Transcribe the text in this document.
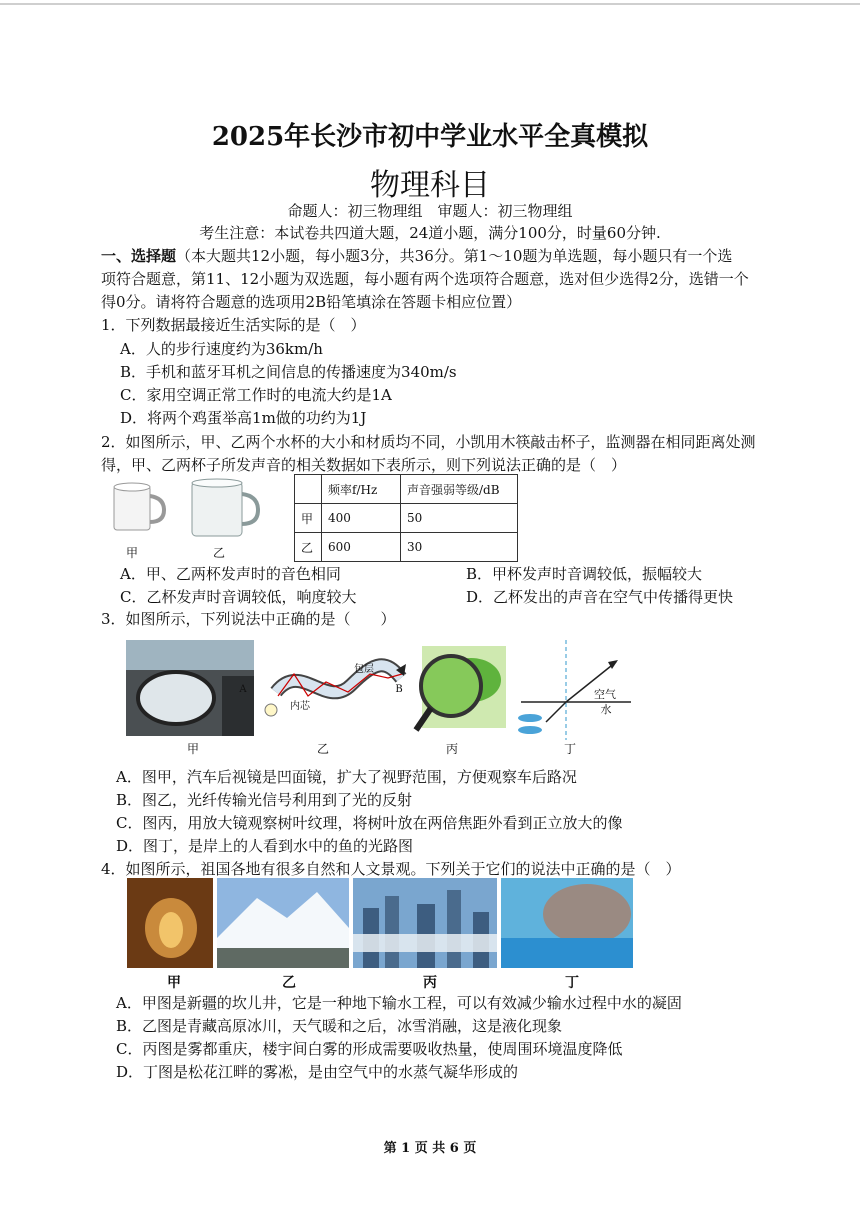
2025年长沙市初中学业水平全真模拟
物理科目
命题人：初三物理组　审题人：初三物理组
考生注意：本试卷共四道大题，24道小题，满分100分，时量60分钟.
一、选择题（本大题共12小题，每小题3分，共36分。第1～10题为单选题，每小题只有一个选
项符合题意，第11、12小题为双选题，每小题有两个选项符合题意，选对但少选得2分，选错一个
得0分。请将符合题意的选项用2B铅笔填涂在答题卡相应位置）
1．下列数据最接近生活实际的是（　）
A．人的步行速度约为36km/h
B．手机和蓝牙耳机之间信息的传播速度为340m/s
C．家用空调正常工作时的电流大约是1A
D．将两个鸡蛋举高1m做的功约为1J
2．如图所示，甲、乙两个水杯的大小和材质均不同，小凯用木筷敲击杯子，监测器在相同距离处测
得，甲、乙两杯子所发声音的相关数据如下表所示，则下列说法正确的是（　）
甲	乙
	频率f/Hz	声音强弱等级/dB
甲	400	50
乙	600	30
A．甲、乙两杯发声时的音色相同	B．甲杯发声时音调较低，振幅较大
C．乙杯发声时音调较低，响度较大	D．乙杯发出的声音在空气中传播得更快
3．如图所示，下列说法中正确的是（　　）
A	B
包层
内芯
空气
水
甲	乙	丙	丁
A．图甲，汽车后视镜是凹面镜，扩大了视野范围，方便观察车后路况
B．图乙，光纤传输光信号利用到了光的反射
C．图丙，用放大镜观察树叶纹理，将树叶放在两倍焦距外看到正立放大的像
D．图丁，是岸上的人看到水中的鱼的光路图
4．如图所示，祖国各地有很多自然和人文景观。下列关于它们的说法中正确的是（　）
甲	乙	丙	丁
A．甲图是新疆的坎儿井，它是一种地下输水工程，可以有效减少输水过程中水的凝固
B．乙图是青藏高原冰川，天气暖和之后，冰雪消融，这是液化现象
C．丙图是雾都重庆，楼宇间白雾的形成需要吸收热量，使周围环境温度降低
D．丁图是松花江畔的雾凇，是由空气中的水蒸气凝华形成的
第 1 页 共 6 页
